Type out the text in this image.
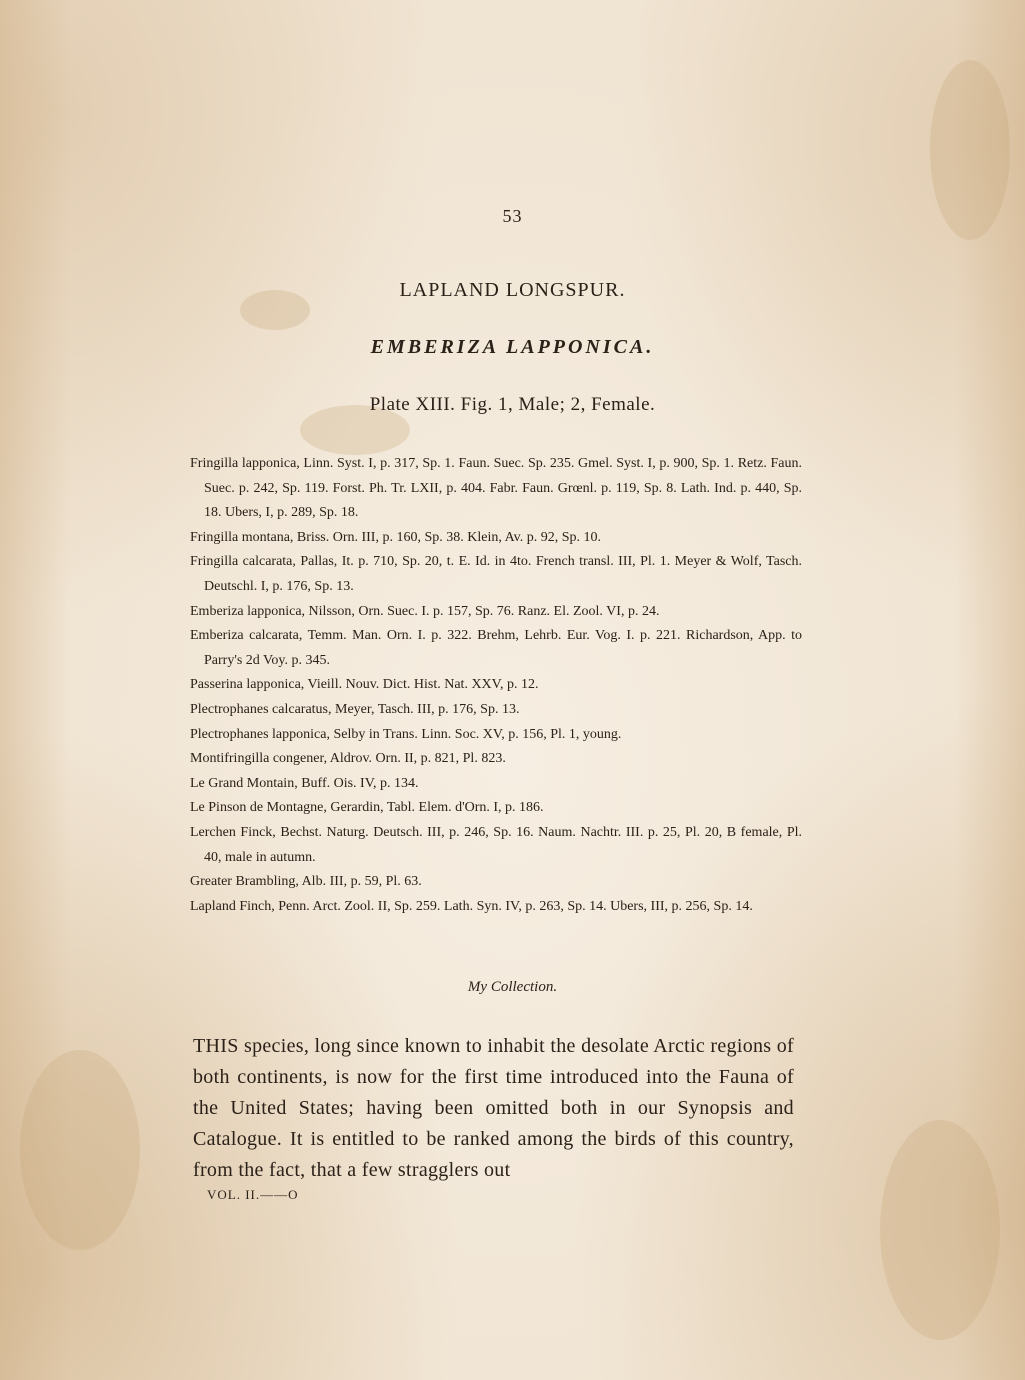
53
LAPLAND LONGSPUR.
EMBERIZA LAPPONICA.
Plate XIII. Fig. 1, Male; 2, Female.
Fringilla lapponica, Linn. Syst. I, p. 317, Sp. 1. Faun. Suec. Sp. 235. Gmel. Syst. I, p. 900, Sp. 1. Retz. Faun. Suec. p. 242, Sp. 119. Forst. Ph. Tr. LXII, p. 404. Fabr. Faun. Grœnl. p. 119, Sp. 8. Lath. Ind. p. 440, Sp. 18. Ubers, I, p. 289, Sp. 18.
Fringilla montana, Briss. Orn. III, p. 160, Sp. 38. Klein, Av. p. 92, Sp. 10.
Fringilla calcarata, Pallas, It. p. 710, Sp. 20, t. E. Id. in 4to. French transl. III, Pl. 1. Meyer & Wolf, Tasch. Deutschl. I, p. 176, Sp. 13.
Emberiza lapponica, Nilsson, Orn. Suec. I. p. 157, Sp. 76. Ranz. El. Zool. VI, p. 24.
Emberiza calcarata, Temm. Man. Orn. I. p. 322. Brehm, Lehrb. Eur. Vog. I. p. 221. Richardson, App. to Parry's 2d Voy. p. 345.
Passerina lapponica, Vieill. Nouv. Dict. Hist. Nat. XXV, p. 12.
Plectrophanes calcaratus, Meyer, Tasch. III, p. 176, Sp. 13.
Plectrophanes lapponica, Selby in Trans. Linn. Soc. XV, p. 156, Pl. 1, young.
Montifringilla congener, Aldrov. Orn. II, p. 821, Pl. 823.
Le Grand Montain, Buff. Ois. IV, p. 134.
Le Pinson de Montagne, Gerardin, Tabl. Elem. d'Orn. I, p. 186.
Lerchen Finck, Bechst. Naturg. Deutsch. III, p. 246, Sp. 16. Naum. Nachtr. III. p. 25, Pl. 20, B female, Pl. 40, male in autumn.
Greater Brambling, Alb. III, p. 59, Pl. 63.
Lapland Finch, Penn. Arct. Zool. II, Sp. 259. Lath. Syn. IV, p. 263, Sp. 14. Ubers, III, p. 256, Sp. 14.
My Collection.
THIS species, long since known to inhabit the desolate Arctic regions of both continents, is now for the first time introduced into the Fauna of the United States; having been omitted both in our Synopsis and Catalogue. It is entitled to be ranked among the birds of this country, from the fact, that a few stragglers out
VOL. II.——O
